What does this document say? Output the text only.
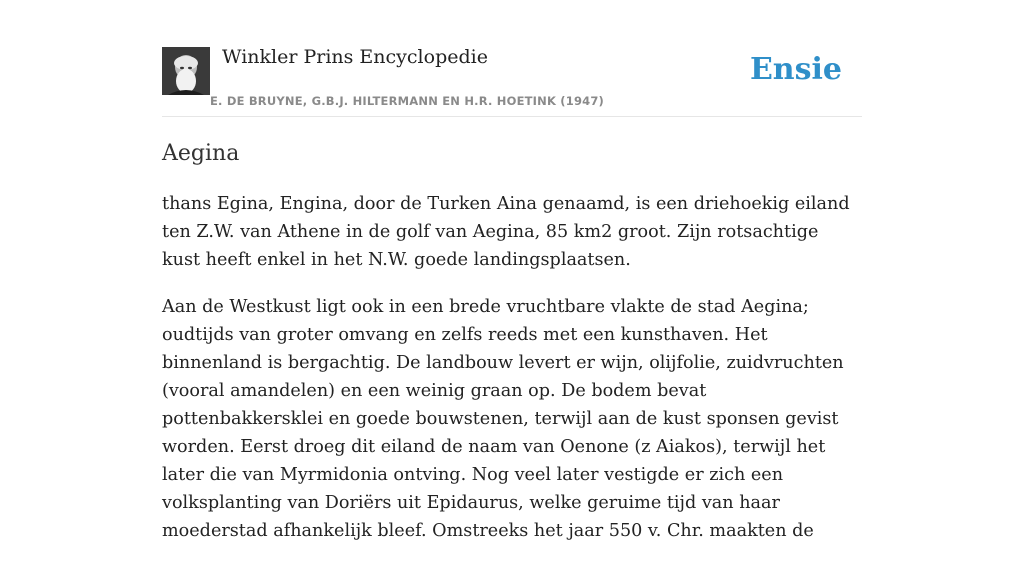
Winkler Prins Encyclopedie
E. DE BRUYNE, G.B.J. HILTERMANN EN H.R. HOETINK (1947)
Ensie
Aegina

thans Egina, Engina, door de Turken Aina genaamd, is een driehoekig eiland ten Z.W. van Athene in de golf van Aegina, 85 km2 groot. Zijn rotsachtige kust heeft enkel in het N.W. goede landingsplaatsen.

Aan de Westkust ligt ook in een brede vruchtbare vlakte de stad Aegina; oudtijds van groter omvang en zelfs reeds met een kunsthaven. Het binnenland is bergachtig. De landbouw levert er wijn, olijfolie, zuidvruchten (vooral amandelen) en een weinig graan op. De bodem bevat pottenbakkersklei en goede bouwstenen, terwijl aan de kust sponsen gevist worden. Eerst droeg dit eiland de naam van Oenone (z Aiakos), terwijl het later die van Myrmidonia ontving. Nog veel later vestigde er zich een volksplanting van Doriërs uit Epidaurus, welke geruime tijd van haar moederstad afhankelijk bleef. Omstreeks het jaar 550 v. Chr. maakten de
